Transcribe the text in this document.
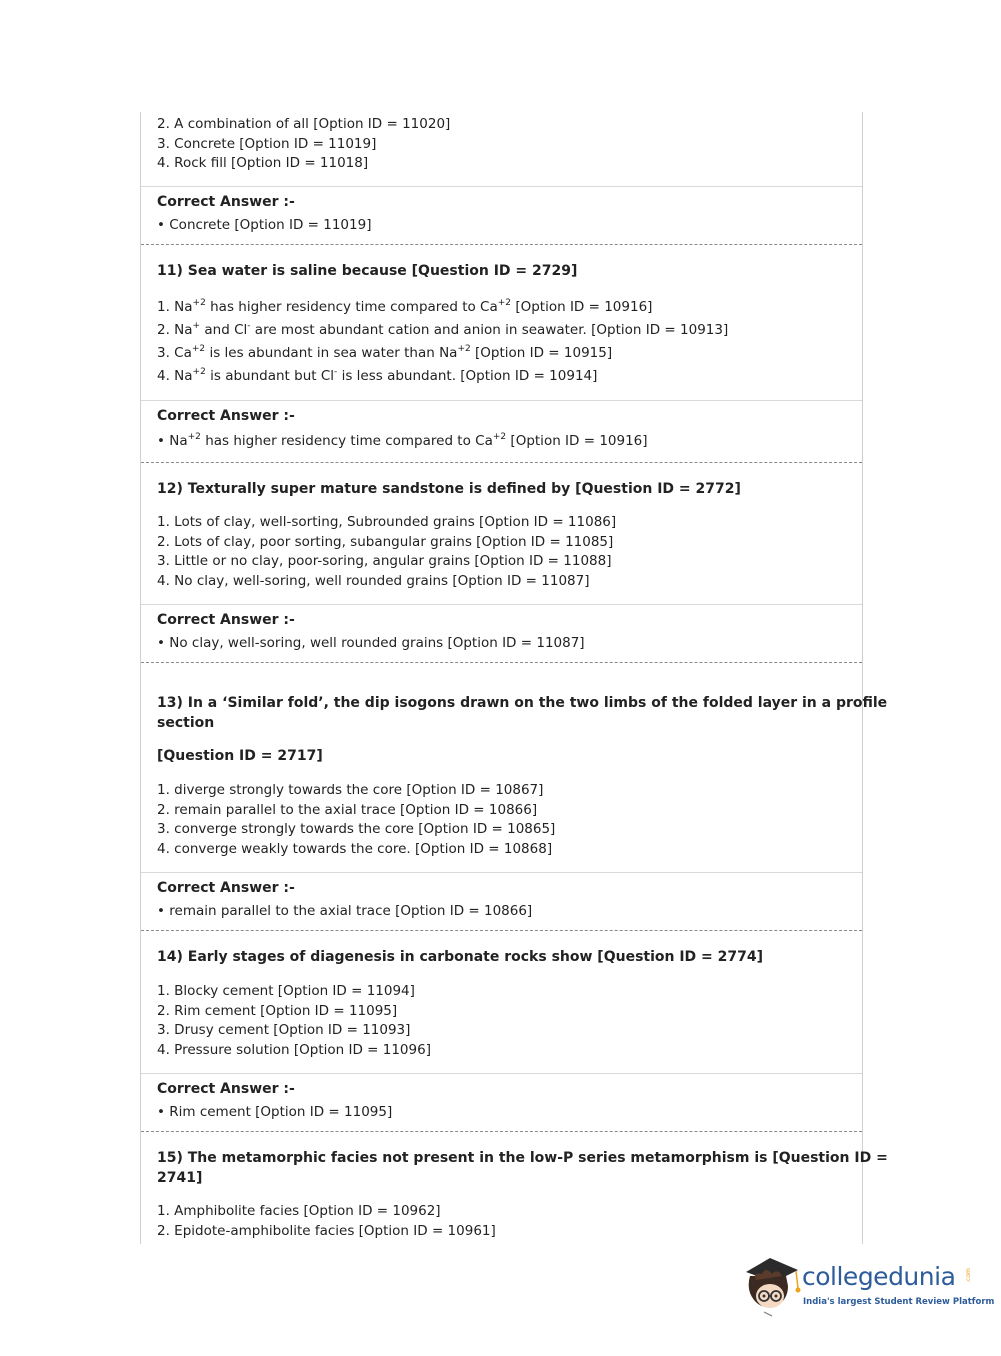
2. A combination of all [Option ID = 11020]
3. Concrete [Option ID = 11019]
4. Rock fill [Option ID = 11018]
Correct Answer :-
• Concrete [Option ID = 11019]
11) Sea water is saline because [Question ID = 2729]
1. $Na^{+2}$ has higher residency time compared to $Ca^{+2}$ [Option ID = 10916]
2. Na+ and Cl- are most abundant cation and anion in seawater. [Option ID = 10913]
3. $Ca^{+2}$ is les abundant in sea water than $Na^{+2}$ [Option ID = 10915]
4. $Na^{+2}$ is abundant but Cl- is less abundant. [Option ID = 10914]
Correct Answer :-
• $Na^{+2}$ has higher residency time compared to $Ca^{+2}$ [Option ID = 10916]
12) Texturally super mature sandstone is defined by [Question ID = 2772]
1. Lots of clay, well-sorting, Subrounded grains [Option ID = 11086]
2. Lots of clay, poor sorting, subangular grains [Option ID = 11085]
3. Little or no clay, poor-soring, angular grains [Option ID = 11088]
4. No clay, well-soring, well rounded grains [Option ID = 11087]
Correct Answer :-
• No clay, well-soring, well rounded grains [Option ID = 11087]
13) In a ‘Similar fold’, the dip isogons drawn on the two limbs of the folded layer in a profile
section
[Question ID = 2717]
1. diverge strongly towards the core [Option ID = 10867]
2. remain parallel to the axial trace [Option ID = 10866]
3. converge strongly towards the core [Option ID = 10865]
4. converge weakly towards the core. [Option ID = 10868]
Correct Answer :-
• remain parallel to the axial trace [Option ID = 10866]
14) Early stages of diagenesis in carbonate rocks show [Question ID = 2774]
1. Blocky cement [Option ID = 11094]
2. Rim cement [Option ID = 11095]
3. Drusy cement [Option ID = 11093]
4. Pressure solution [Option ID = 11096]
Correct Answer :-
• Rim cement [Option ID = 11095]
15) The metamorphic facies not present in the low-P series metamorphism is [Question ID =
2741]
1. Amphibolite facies [Option ID = 10962]
2. Epidote-amphibolite facies [Option ID = 10961]
collegedunia .com
India's largest Student Review Platform
